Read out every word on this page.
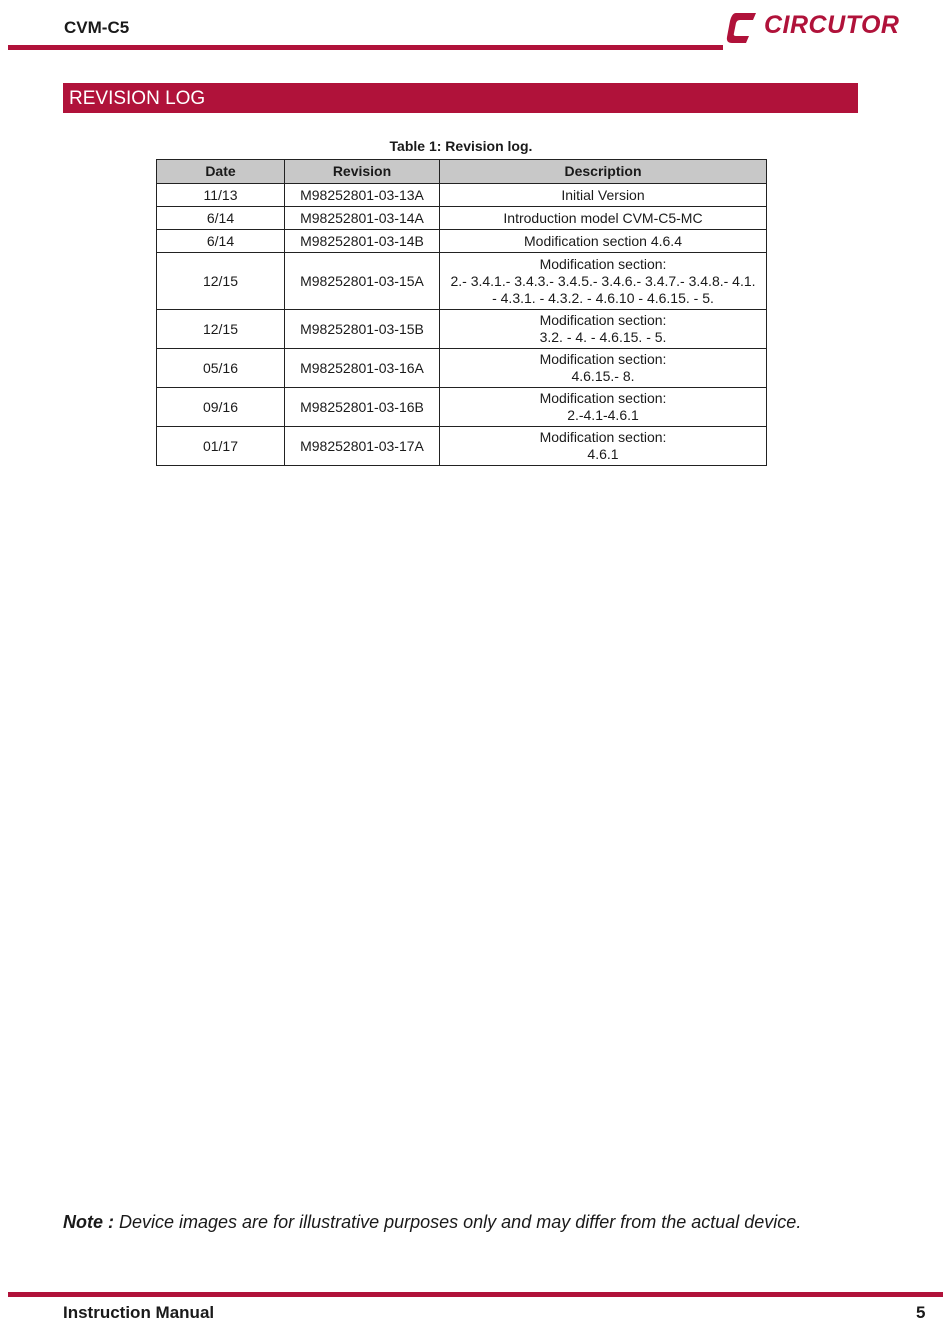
CVM-C5	CIRCUTOR
REVISION LOG
Table 1: Revision log.
Date	Revision	Description
11/13	M98252801-03-13A	Initial Version
6/14	M98252801-03-14A	Introduction model CVM-C5-MC
6/14	M98252801-03-14B	Modification section 4.6.4
12/15	M98252801-03-15A	Modification section:
2.- 3.4.1.- 3.4.3.- 3.4.5.- 3.4.6.- 3.4.7.- 3.4.8.- 4.1.
- 4.3.1. - 4.3.2. - 4.6.10 - 4.6.15. - 5.

12/15	M98252801-03-15B	Modification section:
3.2. - 4. - 4.6.15. - 5.

05/16	M98252801-03-16A	Modification section:
4.6.15.- 8.

09/16	M98252801-03-16B	Modification section:
2.-4.1-4.6.1

01/17	M98252801-03-17A	Modification section:
4.6.1
Note : Device images are for illustrative purposes only and may differ from the actual device.
Instruction Manual	5
